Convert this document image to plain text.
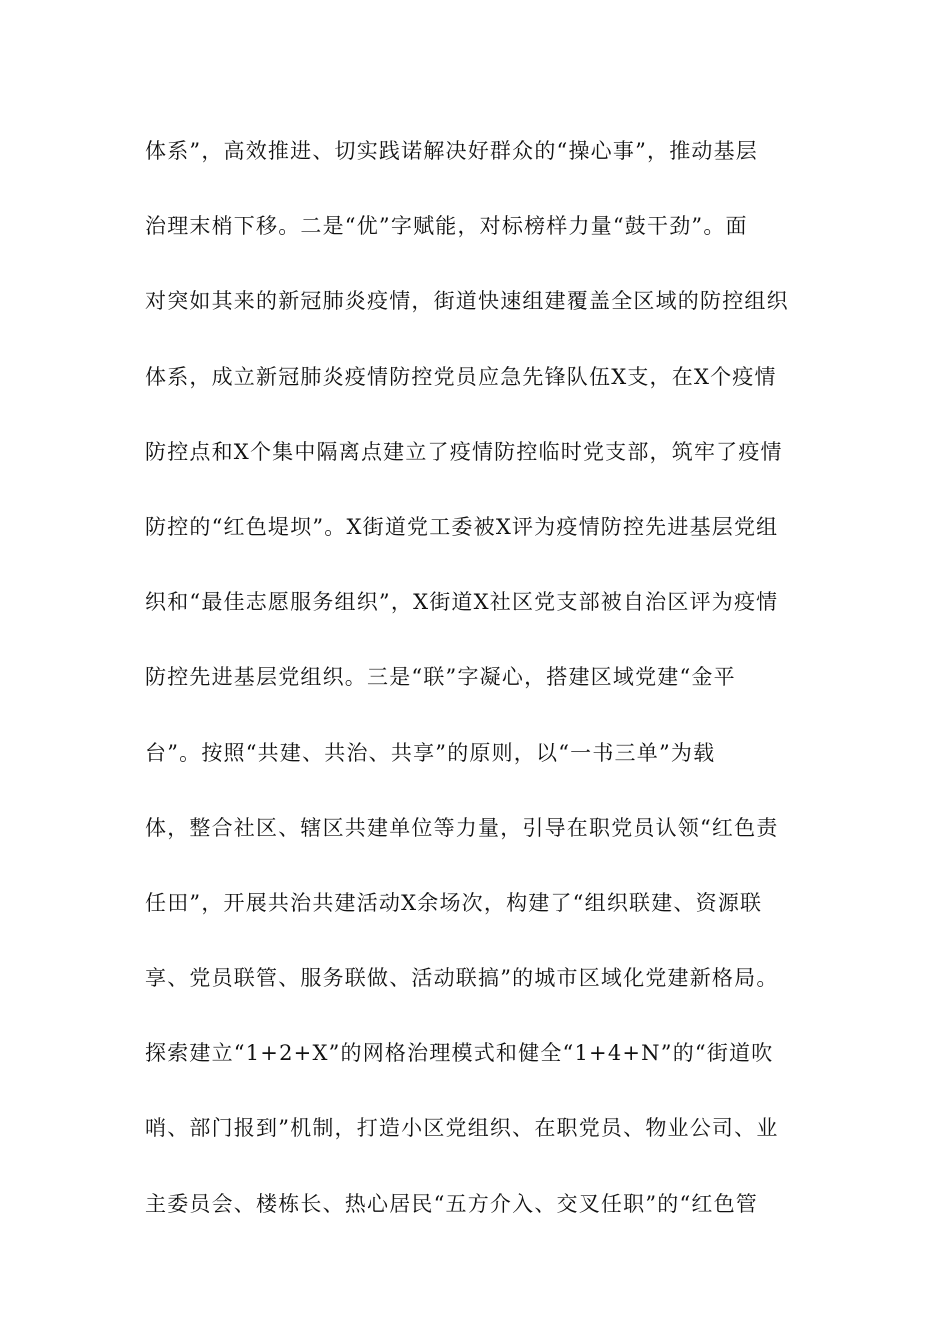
体系”，高效推进、切实践诺解决好群众的“操心事”，推动基层
治理末梢下移。二是“优”字赋能，对标榜样力量“鼓干劲”。面
对突如其来的新冠肺炎疫情，街道快速组建覆盖全区域的防控组织
体系，成立新冠肺炎疫情防控党员应急先锋队伍X支，在X个疫情
防控点和X个集中隔离点建立了疫情防控临时党支部，筑牢了疫情
防控的“红色堤坝”。X街道党工委被X评为疫情防控先进基层党组
织和“最佳志愿服务组织”，X街道X社区党支部被自治区评为疫情
防控先进基层党组织。三是“联”字凝心，搭建区域党建“金平
台”。按照“共建、共治、共享”的原则，以“一书三单”为载
体，整合社区、辖区共建单位等力量，引导在职党员认领“红色责
任田”，开展共治共建活动X余场次，构建了“组织联建、资源联
享、党员联管、服务联做、活动联搞”的城市区域化党建新格局。
探索建立“1+2+X”的网格治理模式和健全“1+4+N”的“街道吹
哨、部门报到”机制，打造小区党组织、在职党员、物业公司、业
主委员会、楼栋长、热心居民“五方介入、交叉任职”的“红色管
